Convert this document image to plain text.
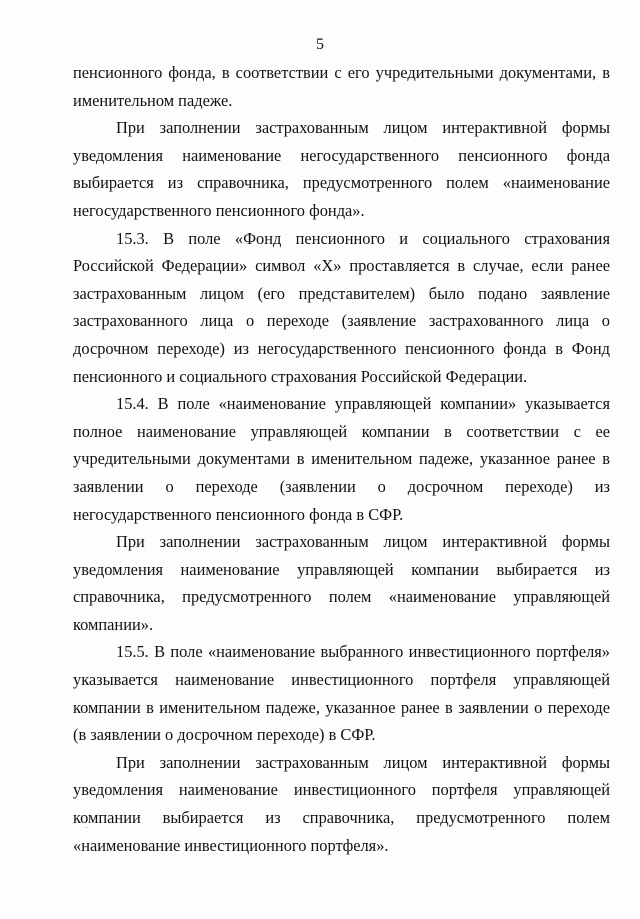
5

пенсионного фонда, в соответствии с его учредительными документами, в именительном падеже.

При заполнении застрахованным лицом интерактивной формы уведомления наименование негосударственного пенсионного фонда выбирается из справочника, предусмотренного полем «наименование негосударственного пенсионного фонда».

15.3. В поле «Фонд пенсионного и социального страхования Российской Федерации» символ «Х» проставляется в случае, если ранее застрахованным лицом (его представителем) было подано заявление застрахованного лица о переходе (заявление застрахованного лица о досрочном переходе) из негосударственного пенсионного фонда в Фонд пенсионного и социального страхования Российской Федерации.

15.4. В поле «наименование управляющей компании» указывается полное наименование управляющей компании в соответствии с ее учредительными документами в именительном падеже, указанное ранее в заявлении о переходе (заявлении о досрочном переходе) из негосударственного пенсионного фонда в СФР.

При заполнении застрахованным лицом интерактивной формы уведомления наименование управляющей компании выбирается из справочника, предусмотренного полем «наименование управляющей компании».

15.5. В поле «наименование выбранного инвестиционного портфеля» указывается наименование инвестиционного портфеля управляющей компании в именительном падеже, указанное ранее в заявлении о переходе (в заявлении о досрочном переходе) в СФР.

При заполнении застрахованным лицом интерактивной формы уведомления наименование инвестиционного портфеля управляющей компании выбирается из справочника, предусмотренного полем «наименование инвестиционного портфеля».
